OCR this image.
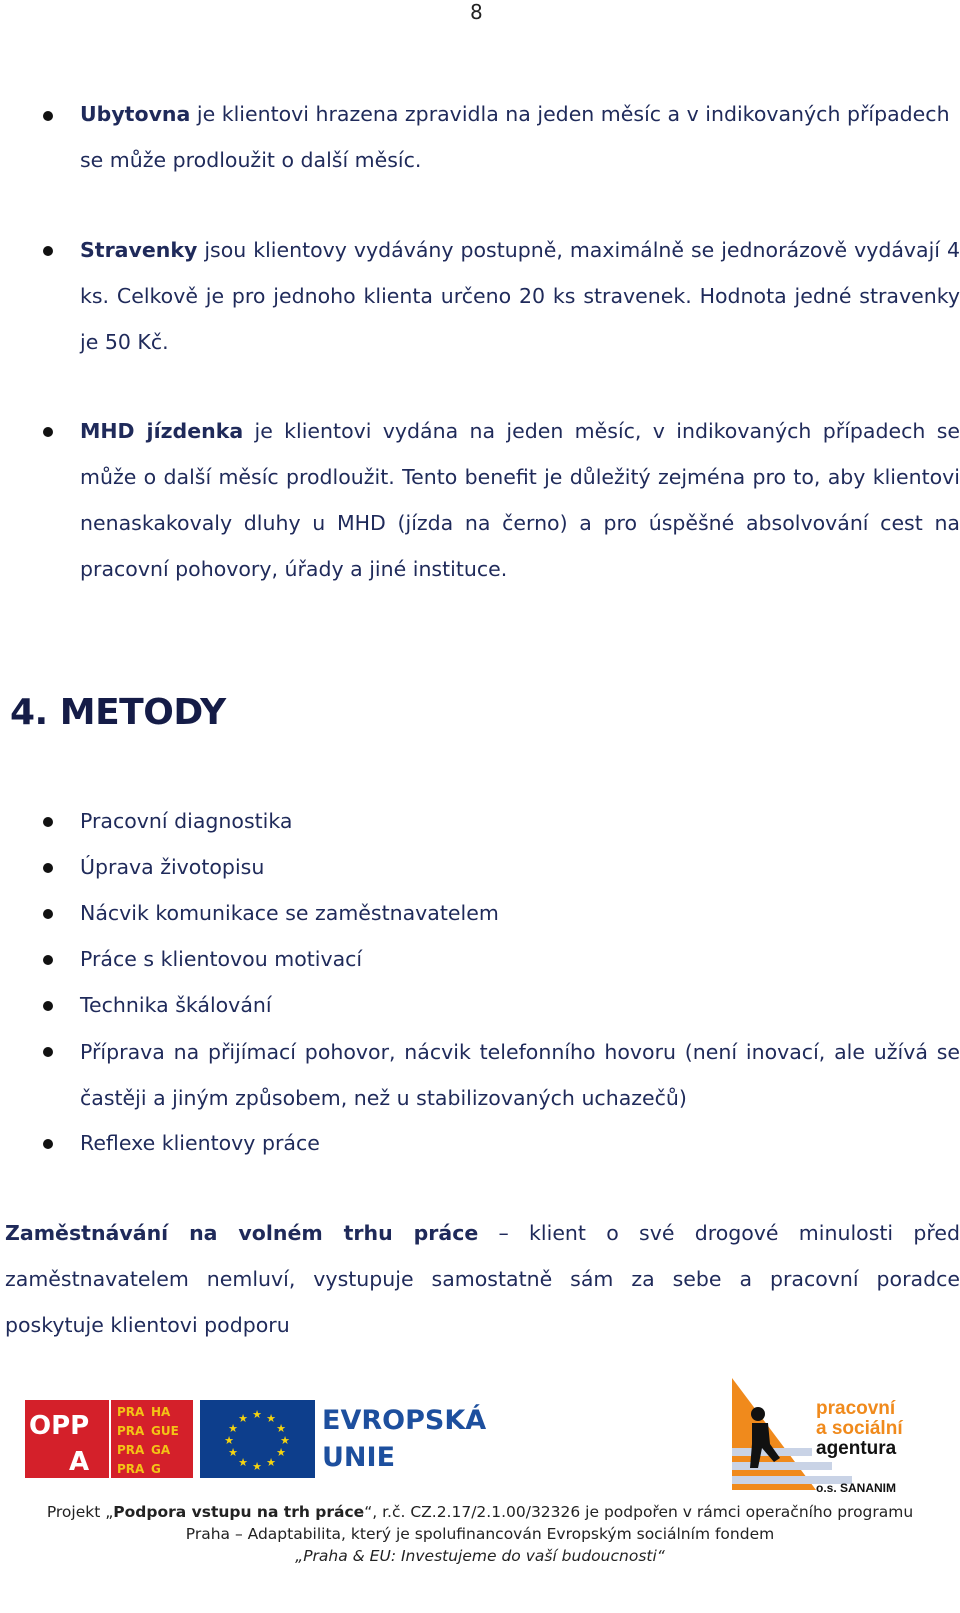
8

Ubytovna je klientovi hrazena zpravidla na jeden měsíc a v indikovaných případech se může prodloužit o další měsíc.

Stravenky jsou klientovy vydávány postupně, maximálně se jednorázově vydávají 4 ks. Celkově je pro jednoho klienta určeno 20 ks stravenek. Hodnota jedné stravenky je 50 Kč.

MHD jízdenka je klientovi vydána na jeden měsíc, v indikovaných případech se může o další měsíc prodloužit. Tento benefit je důležitý zejména pro to, aby klientovi nenaskakovaly dluhy u MHD (jízda na černo) a pro úspěšné absolvování cest na pracovní pohovory, úřady a jiné instituce.

4. METODY

Pracovní diagnostika

Úprava životopisu

Nácvik komunikace se zaměstnavatelem

Práce s klientovou motivací

Technika škálování

Příprava na přijímací pohovor, nácvik telefonního hovoru (není inovací, ale užívá se častěji a jiným způsobem, než u stabilizovaných uchazečů)

Reflexe klientovy práce

Zaměstnávání na volném trhu práce – klient o své drogové minulosti před zaměstnavatelem nemluví, vystupuje samostatně sám za sebe a pracovní poradce poskytuje klientovi podporu

OPP
A
PRA HA
PRA GUE
PRA GA
PRA G
★ ★
★
★
★
★
★
★
★
★
★
★	EVROPSKÁ
UNIE
pracovní
a sociální
agentura
o.s. SANANIM
Projekt „Podpora vstupu na trh práce“, r.č. CZ.2.17/2.1.00/32326 je podpořen v rámci operačního programu
Praha – Adaptabilita, který je spolufinancován Evropským sociálním fondem
„Praha & EU: Investujeme do vaší budoucnosti“
